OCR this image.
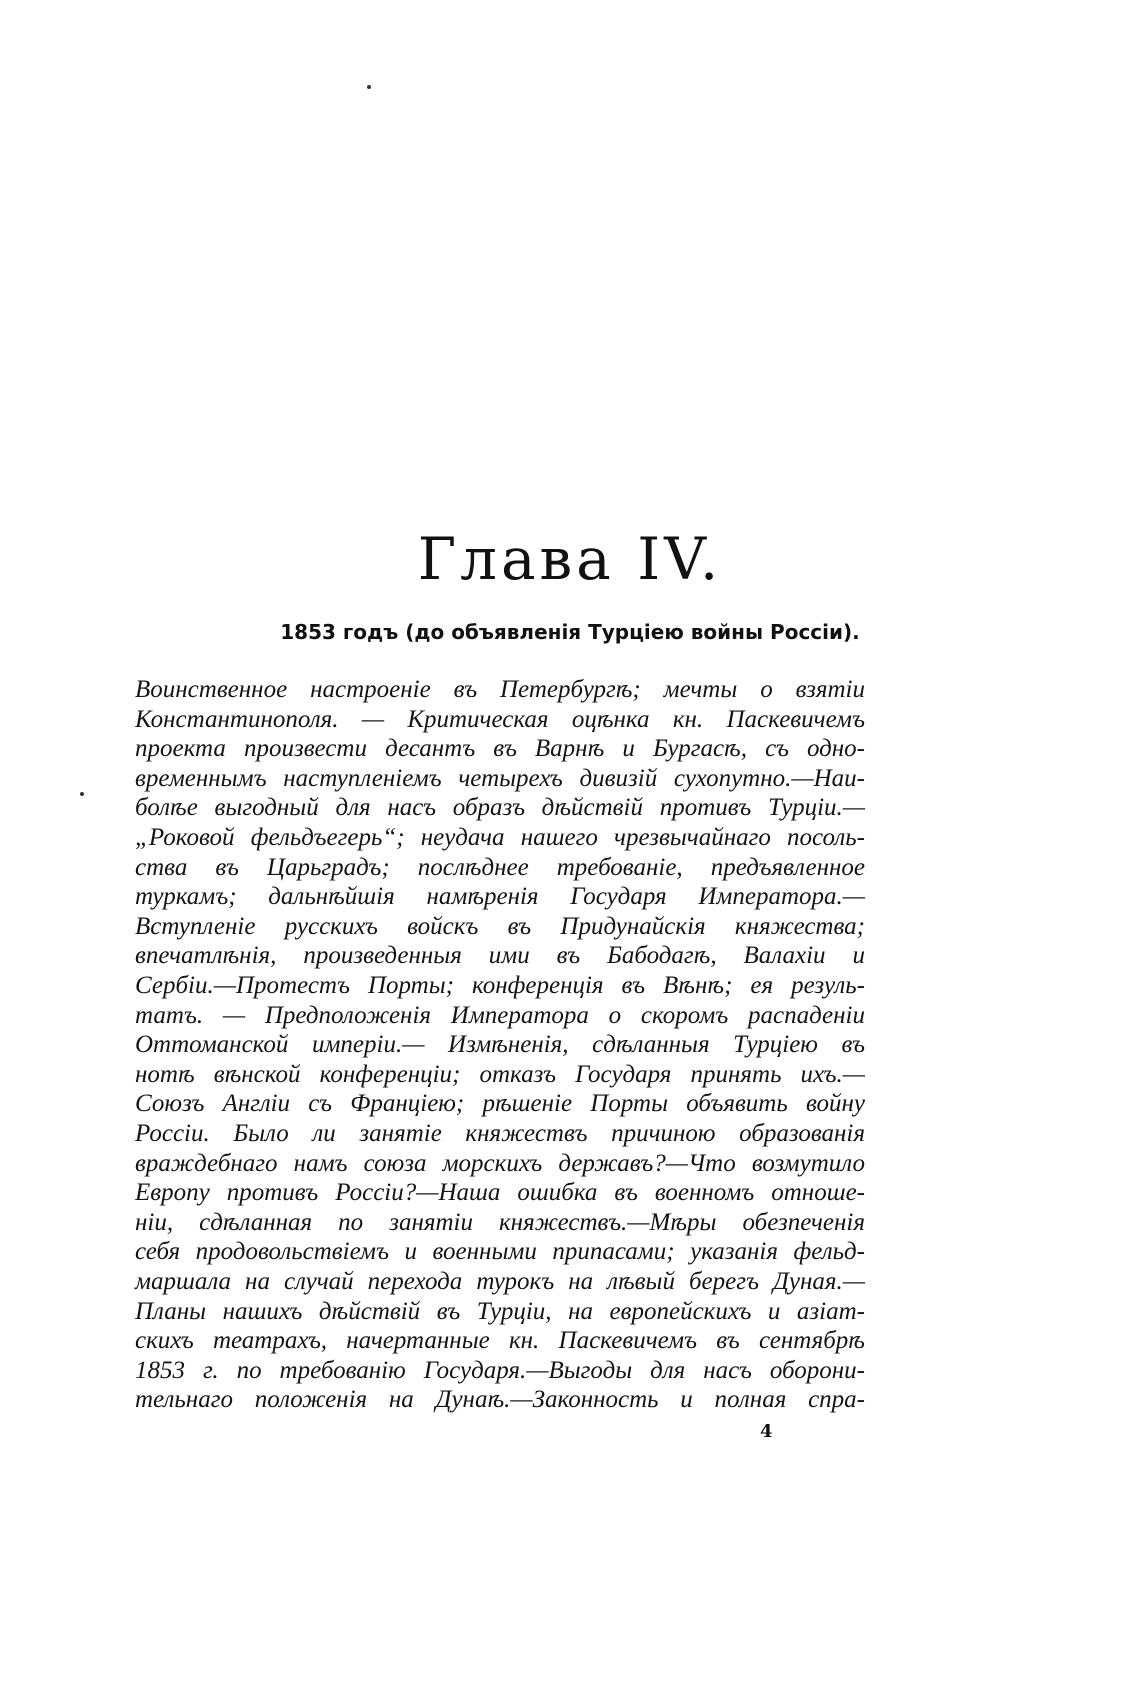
Глава IV.
1853 годъ (до объявленія Турціею войны Россіи).
Воинственное настроеніе въ Петербургѣ; мечты о взятіи
Константинополя. — Критическая оцѣнка кн. Паскевичемъ
проекта произвести десантъ въ Варнѣ и Бургасѣ, съ одно-
временнымъ наступленіемъ четырехъ дивизій сухопутно.—Наи-
болѣе выгодный для насъ образъ дѣйствій противъ Турціи.—
„Роковой фельдъегерь“; неудача нашего чрезвычайнаго посоль-
ства въ Царьградъ; послѣднее требованіе, предъявленное
туркамъ; дальнѣйшія намѣренія Государя Императора.—
Вступленіе русскихъ войскъ въ Придунайскія княжества;
впечатлѣнія, произведенныя ими въ Бабодагѣ, Валахіи и
Сербіи.—Протестъ Порты; конференція въ Вѣнѣ; ея резуль-
татъ. — Предположенія Императора о скоромъ распаденіи
Оттоманской имперіи.— Измѣненія, сдѣланныя Турціею въ
нотѣ вѣнской конференціи; отказъ Государя принять ихъ.—
Союзъ Англіи съ Франціею; рѣшеніе Порты объявить войну
Россіи. Было ли занятіе княжествъ причиною образованія
враждебнаго намъ союза морскихъ державъ?—Что возмутило
Европу противъ Россіи?—Наша ошибка въ военномъ отноше-
ніи, сдѣланная по занятіи княжествъ.—Мѣры обезпеченія
себя продовольствіемъ и военными припасами; указанія фельд-
маршала на случай перехода турокъ на лѣвый берегъ Дуная.—
Планы нашихъ дѣйствій въ Турціи, на европейскихъ и азіат-
скихъ театрахъ, начертанные кн. Паскевичемъ въ сентябрѣ
1853 г. по требованію Государя.—Выгоды для насъ оборони-
тельнаго положенія на Дунаѣ.—Законность и полная спра-
4
